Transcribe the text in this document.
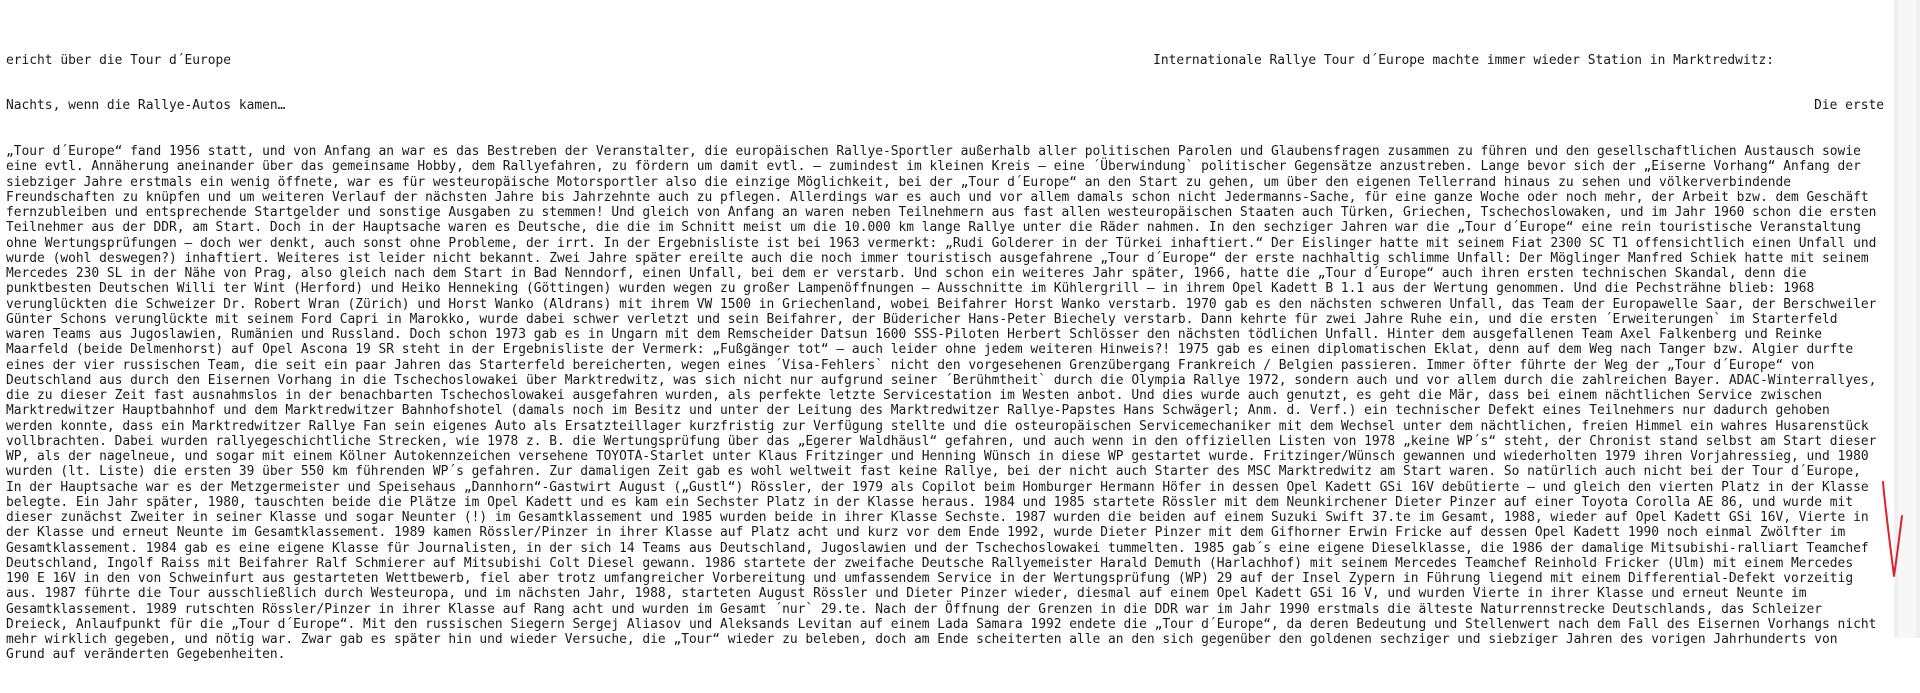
ericht über die Tour d´Europe	Internationale Rallye Tour d´Europe machte immer wieder Station in Marktredwitz:

Nachts, wenn die Rallye-Autos kamen…	Die erste

„Tour d´Europe“ fand 1956 statt, und von Anfang an war es das Bestreben der Veranstalter, die europäischen Rallye-Sportler außerhalb aller politischen Parolen und Glaubensfragen zusammen zu führen und den gesellschaftlichen Austausch sowie eine evtl. Annäherung aneinander über das gemeinsame Hobby, dem Rallyefahren, zu fördern um damit evtl. – zumindest im kleinen Kreis – eine ´Überwindung` politischer Gegensätze anzustreben. Lange bevor sich der „Eiserne Vorhang“ Anfang der siebziger Jahre erstmals ein wenig öffnete, war es für westeuropäische Motorsportler also die einzige Möglichkeit, bei der „Tour d´Europe“ an den Start zu gehen, um über den eigenen Tellerrand hinaus zu sehen und völkerverbindende Freundschaften zu knüpfen und um weiteren Verlauf der nächsten Jahre bis Jahrzehnte auch zu pflegen. Allerdings war es auch und vor allem damals schon nicht Jedermanns-Sache, für eine ganze Woche oder noch mehr, der Arbeit bzw. dem Geschäft fernzubleiben und entsprechende Startgelder und sonstige Ausgaben zu stemmen! Und gleich von Anfang an waren neben Teilnehmern aus fast allen westeuropäischen Staaten auch Türken, Griechen, Tschechoslowaken, und im Jahr 1960 schon die ersten Teilnehmer aus der DDR, am Start. Doch in der Hauptsache waren es Deutsche, die die im Schnitt meist um die 10.000 km lange Rallye unter die Räder nahmen. In den sechziger Jahren war die „Tour d´Europe“ eine rein touristische Veranstaltung ohne Wertungsprüfungen – doch wer denkt, auch sonst ohne Probleme, der irrt. In der Ergebnisliste ist bei 1963 vermerkt: „Rudi Golderer in der Türkei inhaftiert.“ Der Eislinger hatte mit seinem Fiat 2300 SC T1 offensichtlich einen Unfall und wurde (wohl deswegen?) inhaftiert. Weiteres ist leider nicht bekannt. Zwei Jahre später ereilte auch die noch immer touristisch ausgefahrene „Tour d´Europe“ der erste nachhaltig schlimme Unfall: Der Möglinger Manfred Schiek hatte mit seinem Mercedes 230 SL in der Nähe von Prag, also gleich nach dem Start in Bad Nenndorf, einen Unfall, bei dem er verstarb. Und schon ein weiteres Jahr später, 1966, hatte die „Tour d´Europe“ auch ihren ersten technischen Skandal, denn die punktbesten Deutschen Willi ter Wint (Herford) und Heiko Henneking (Göttingen) wurden wegen zu großer Lampenöffnungen – Ausschnitte im Kühlergrill – in ihrem Opel Kadett B 1.1 aus der Wertung genommen. Und die Pechsträhne blieb: 1968 verunglückten die Schweizer Dr. Robert Wran (Zürich) und Horst Wanko (Aldrans) mit ihrem VW 1500 in Griechenland, wobei Beifahrer Horst Wanko verstarb. 1970 gab es den nächsten schweren Unfall, das Team der Europawelle Saar, der Berschweiler Günter Schons verunglückte mit seinem Ford Capri in Marokko, wurde dabei schwer verletzt und sein Beifahrer, der Büdericher Hans-Peter Biechely verstarb. Dann kehrte für zwei Jahre Ruhe ein, und die ersten ´Erweiterungen` im Starterfeld waren Teams aus Jugoslawien, Rumänien und Russland. Doch schon 1973 gab es in Ungarn mit dem Remscheider Datsun 1600 SSS-Piloten Herbert Schlösser den nächsten tödlichen Unfall. Hinter dem ausgefallenen Team Axel Falkenberg und Reinke Maarfeld (beide Delmenhorst) auf Opel Ascona 19 SR steht in der Ergebnisliste der Vermerk: „Fußgänger tot“ – auch leider ohne jedem weiteren Hinweis?! 1975 gab es einen diplomatischen Eklat, denn auf dem Weg nach Tanger bzw. Algier durfte eines der vier russischen Team, die seit ein paar Jahren das Starterfeld bereicherten, wegen eines ´Visa-Fehlers` nicht den vorgesehenen Grenzübergang Frankreich / Belgien passieren. Immer öfter führte der Weg der „Tour d´Europe“ von Deutschland aus durch den Eisernen Vorhang in die Tschechoslowakei über Marktredwitz, was sich nicht nur aufgrund seiner ´Berühmtheit` durch die Olympia Rallye 1972, sondern auch und vor allem durch die zahlreichen Bayer. ADAC-Winterrallyes, die zu dieser Zeit fast ausnahmslos in der benachbarten Tschechoslowakei ausgefahren wurden, als perfekte letzte Servicestation im Westen anbot. Und dies wurde auch genutzt, es geht die Mär, dass bei einem nächtlichen Service zwischen Marktredwitzer Hauptbahnhof und dem Marktredwitzer Bahnhofshotel (damals noch im Besitz und unter der Leitung des Marktredwitzer Rallye-Papstes Hans Schwägerl; Anm. d. Verf.) ein technischer Defekt eines Teilnehmers nur dadurch gehoben werden konnte, dass ein Marktredwitzer Rallye Fan sein eigenes Auto als Ersatzteillager kurzfristig zur Verfügung stellte und die osteuropäischen Servicemechaniker mit dem Wechsel unter dem nächtlichen, freien Himmel ein wahres Husarenstück vollbrachten. Dabei wurden rallyegeschichtliche Strecken, wie 1978 z. B. die Wertungsprüfung über das „Egerer Waldhäusl“ gefahren, und auch wenn in den offiziellen Listen von 1978 „keine WP´s“ steht, der Chronist stand selbst am Start dieser WP, als der nagelneue, und sogar mit einem Kölner Autokennzeichen versehene TOYOTA-Starlet unter Klaus Fritzinger und Henning Wünsch in diese WP gestartet wurde. Fritzinger/Wünsch gewannen und wiederholten 1979 ihren Vorjahressieg, und 1980 wurden (lt. Liste) die ersten 39 über 550 km führenden WP´s gefahren. Zur damaligen Zeit gab es wohl weltweit fast keine Rallye, bei der nicht auch Starter des MSC Marktredwitz am Start waren. So natürlich auch nicht bei der Tour d´Europe, In der Hauptsache war es der Metzgermeister und Speisehaus „Dannhorn“-Gastwirt August („Gustl“) Rössler, der 1979 als Copilot beim Homburger Hermann Höfer in dessen Opel Kadett GSi 16V debütierte – und gleich den vierten Platz in der Klasse belegte. Ein Jahr später, 1980, tauschten beide die Plätze im Opel Kadett und es kam ein Sechster Platz in der Klasse heraus. 1984 und 1985 startete Rössler mit dem Neunkirchener Dieter Pinzer auf einer Toyota Corolla AE 86, und wurde mit dieser zunächst Zweiter in seiner Klasse und sogar Neunter (!) im Gesamtklassement und 1985 wurden beide in ihrer Klasse Sechste. 1987 wurden die beiden auf einem Suzuki Swift 37.te im Gesamt, 1988, wieder auf Opel Kadett GSi 16V, Vierte in der Klasse und erneut Neunte im Gesamtklassement. 1989 kamen Rössler/Pinzer in ihrer Klasse auf Platz acht und kurz vor dem Ende 1992, wurde Dieter Pinzer mit dem Gifhorner Erwin Fricke auf dessen Opel Kadett 1990 noch einmal Zwölfter im Gesamtklassement. 1984 gab es eine eigene Klasse für Journalisten, in der sich 14 Teams aus Deutschland, Jugoslawien und der Tschechoslowakei tummelten. 1985 gab´s eine eigene Dieselklasse, die 1986 der damalige Mitsubishi-ralliart Teamchef Deutschland, Ingolf Raiss mit Beifahrer Ralf Schmierer auf Mitsubishi Colt Diesel gewann. 1986 startete der zweifache Deutsche Rallyemeister Harald Demuth (Harlachhof) mit seinem Mercedes Teamchef Reinhold Fricker (Ulm) mit einem Mercedes 190 E 16V in den von Schweinfurt aus gestarteten Wettbewerb, fiel aber trotz umfangreicher Vorbereitung und umfassendem Service in der Wertungsprüfung (WP) 29 auf der Insel Zypern in Führung liegend mit einem Differential-Defekt vorzeitig aus. 1987 führte die Tour ausschließlich durch Westeuropa, und im nächsten Jahr, 1988, starteten August Rössler und Dieter Pinzer wieder, diesmal auf einem Opel Kadett GSi 16 V, und wurden Vierte in ihrer Klasse und erneut Neunte im Gesamtklassement. 1989 rutschten Rössler/Pinzer in ihrer Klasse auf Rang acht und wurden im Gesamt ´nur` 29.te. Nach der Öffnung der Grenzen in die DDR war im Jahr 1990 erstmals die älteste Naturrennstrecke Deutschlands, das Schleizer Dreieck, Anlaufpunkt für die „Tour d´Europe“. Mit den russischen Siegern Sergej Aliasov und Aleksands Levitan auf einem Lada Samara 1992 endete die „Tour d´Europe“, da deren Bedeutung und Stellenwert nach dem Fall des Eisernen Vorhangs nicht mehr wirklich gegeben, und nötig war. Zwar gab es später hin und wieder Versuche, die „Tour“ wieder zu beleben, doch am Ende scheiterten alle an den sich gegenüber den goldenen sechziger und siebziger Jahren des vorigen Jahrhunderts von Grund auf veränderten Gegebenheiten.
